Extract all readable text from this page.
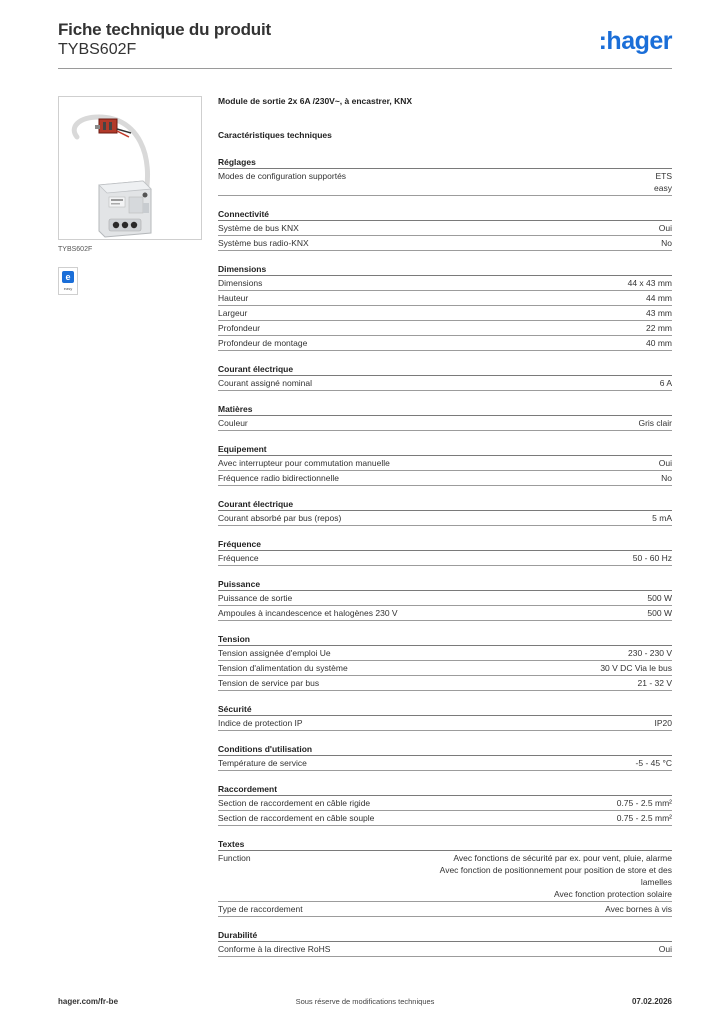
Fiche technique du produit
TYBS602F	:hager
TYBS602F
e
easy
Module de sortie 2x 6A /230V~, à encastrer, KNX
Caractéristiques techniques
Réglages
Modes de configuration supportés	ETS
easy
Connectivité
Système de bus KNX	Oui
Système bus radio-KNX	No
Dimensions
Dimensions	44 x 43 mm
Hauteur	44 mm
Largeur	43 mm
Profondeur	22 mm
Profondeur de montage	40 mm
Courant électrique
Courant assigné nominal	6 A
Matières
Couleur	Gris clair
Equipement
Avec interrupteur pour commutation manuelle	Oui
Fréquence radio bidirectionnelle	No
Courant électrique
Courant absorbé par bus (repos)	5 mA
Fréquence
Fréquence	50 - 60 Hz
Puissance
Puissance de sortie	500 W
Ampoules à incandescence et halogènes 230 V	500 W
Tension
Tension assignée d'emploi Ue	230 - 230 V
Tension d'alimentation du système	30 V DC Via le bus
Tension de service par bus	21 - 32 V
Sécurité
Indice de protection IP	IP20
Conditions d'utilisation
Température de service	-5 - 45 °C
Raccordement
Section de raccordement en câble rigide	0.75 - 2.5 mm²
Section de raccordement en câble souple	0.75 - 2.5 mm²
Textes
Function	Avec fonctions de sécurité par ex. pour vent, pluie, alarme
Avec fonction de positionnement pour position de store et des lamelles
Avec fonction protection solaire
Type de raccordement	Avec bornes à vis
Durabilité
Conforme à la directive RoHS	Oui
hager.com/fr-be	Sous réserve de modifications techniques	07.02.2026
